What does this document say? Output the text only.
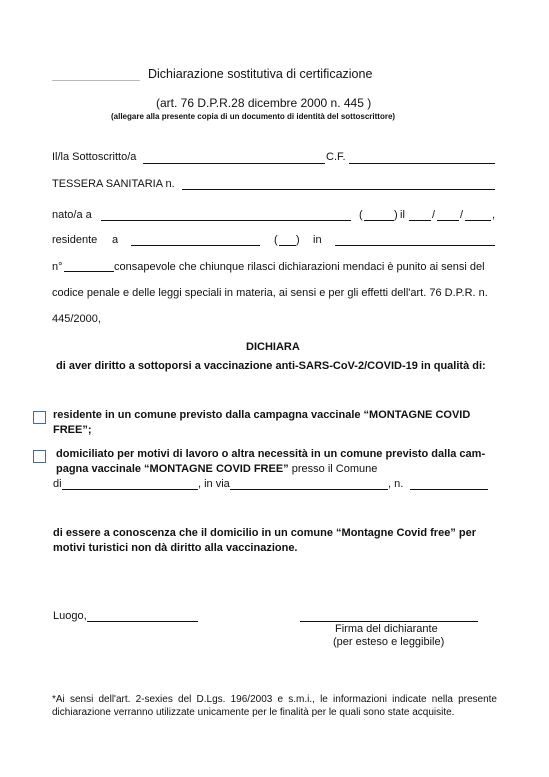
Dichiarazione sostitutiva di certificazione
(art. 76 D.P.R.28 dicembre 2000 n. 445 )
(allegare alla presente copia di un documento di identità del sottoscrittore)
Il/la Sottoscritto/a	C.F.
TESSERA SANITARIA n.
nato/a a	(	) il / /	,
residente a	( ) in
n°	consapevole che chiunque rilasci dichiarazioni mendaci è punito ai sensi del
codice penale e delle leggi speciali in materia, ai sensi e per gli effetti dell'art. 76 D.P.R. n.
445/2000,
DICHIARA
di aver diritto a sottoporsi a vaccinazione anti-SARS-CoV-2/COVID-19 in qualità di:
residente in un comune previsto dalla campagna vaccinale “MONTAGNE COVID
FREE”;
domiciliato per motivi di lavoro o altra necessità in un comune previsto dalla cam-
pagna vaccinale “MONTAGNE COVID FREE” presso il Comune
di	, in via	, n.
di essere a conoscenza che il domicilio in un comune “Montagne Covid free” per
motivi turistici non dà diritto alla vaccinazione.
Luogo,
Firma del dichiarante
(per esteso e leggibile)
*Ai sensi dell'art. 2-sexies del D.Lgs. 196/2003 e s.m.i., le informazioni indicate nella presente dichiarazione verranno utilizzate unicamente per le finalità per le quali sono state acquisite.
